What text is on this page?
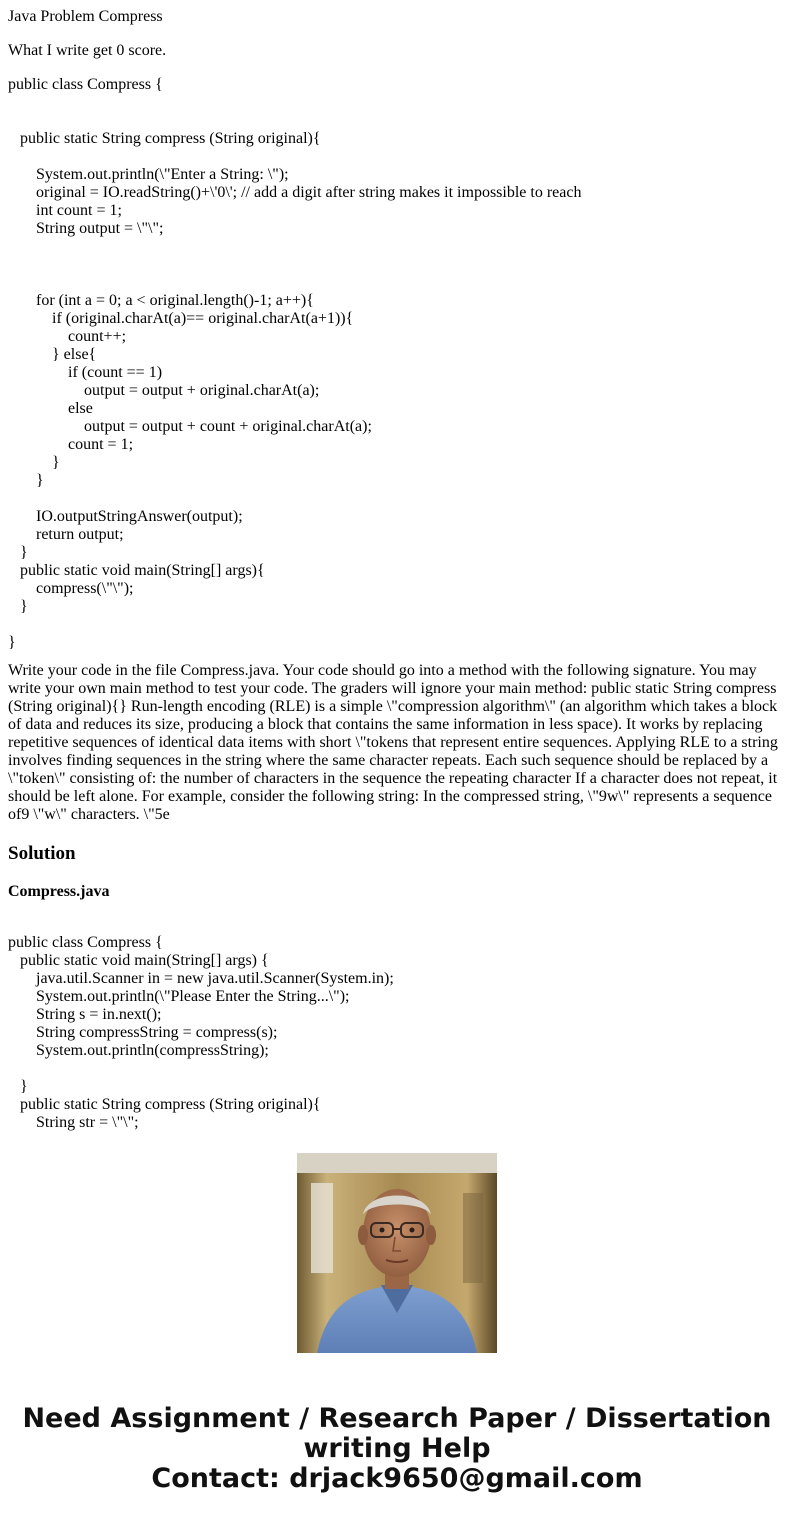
Java Problem Compress

What I write get 0 score.

public class Compress {

public static String compress (String original){

System.out.println(\"Enter a String: \");
original = IO.readString()+\'0\'; // add a digit after string makes it impossible to reach
int count = 1;
String output = \"\";

for (int a = 0; a < original.length()-1; a++){
if (original.charAt(a)== original.charAt(a+1)){
count++;
} else{
if (count == 1)
output = output + original.charAt(a);
else
output = output + count + original.charAt(a);
count = 1;
}
}

IO.outputStringAnswer(output);
return output;
}
public static void main(String[] args){
compress(\"\");
}

}

Write your code in the file Compress.java. Your code should go into a method with the following signature. You may write your own main method to test your code. The graders will ignore your main method: public static String compress (String original){} Run-length encoding (RLE) is a simple \"compression algorithm\" (an algorithm which takes a block of data and reduces its size, producing a block that contains the same information in less space). It works by replacing repetitive sequences of identical data items with short \"tokens that represent entire sequences. Applying RLE to a string involves finding sequences in the string where the same character repeats. Each such sequence should be replaced by a \"token\" consisting of: the number of characters in the sequence the repeating character If a character does not repeat, it should be left alone. For example, consider the following string: In the compressed string, \"9w\" represents a sequence of9 \"w\" characters. \"5e

Solution

Compress.java

public class Compress {
public static void main(String[] args) {
java.util.Scanner in = new java.util.Scanner(System.in);
System.out.println(\"Please Enter the String...\");
String s = in.next();
String compressString = compress(s);
System.out.println(compressString);

}
public static String compress (String original){
String str = \"\";
Need Assignment / Research Paper / Dissertation
writing Help
Contact: drjack9650@gmail.com
